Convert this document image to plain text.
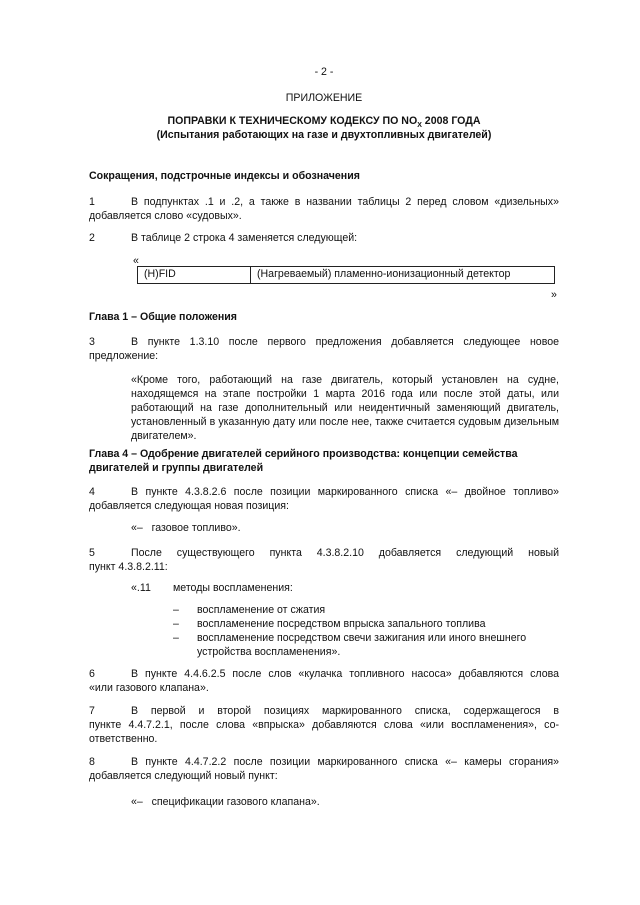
- 2 -
ПРИЛОЖЕНИЕ
ПОПРАВКИ К ТЕХНИЧЕСКОМУ КОДЕКСУ ПО $NO_X$ 2008 ГОДА
(Испытания работающих на газе и двухтопливных двигателей)
Сокращения, подстрочные индексы и обозначения
1	В подпунктах .1 и .2, а также в названии таблицы 2 перед словом «дизельных»
добавляется слово «судовых».
2	В таблице 2 строка 4 заменяется следующей:
«
(H)FID	(Нагреваемый) пламенно-ионизационный детектор
»
Глава 1 – Общие положения
3	В пункте 1.3.10 после первого предложения добавляется следующее новое
предложение:
«Кроме того, работающий на газе двигатель, который установлен на судне, находящемся на этапе постройки 1 марта 2016 года или после этой даты, или работающий на газе дополнительный или неидентичный заменяющий двигатель, установленный в указанную дату или после нее, также считается судовым дизельным двигателем».
Глава 4 – Одобрение двигателей серийного производства: концепции семейства
двигателей и группы двигателей
4	В пункте 4.3.8.2.6 после позиции маркированного списка «– двойное топливо»
добавляется следующая новая позиция:
«–   газовое топливо».
5	После существующего пункта 4.3.8.2.10 добавляется следующий новый
пункт 4.3.8.2.11:
«.11 методы воспламенения:
–	воспламенение от сжатия
–	воспламенение посредством впрыска запального топлива
–	воспламенение посредством свечи зажигания или иного внешнего устройства воспламенения».
6	В пункте 4.4.6.2.5 после слов «кулачка топливного насоса» добавляются слова
«или газового клапана».
7	В первой и второй позициях маркированного списка, содержащегося в
пункте 4.4.7.2.1, после слова «впрыска» добавляются слова «или воспламенения», со-ответственно.
8	В пункте 4.4.7.2.2 после позиции маркированного списка «– камеры сгорания»
добавляется следующий новый пункт:
«–   спецификации газового клапана».
